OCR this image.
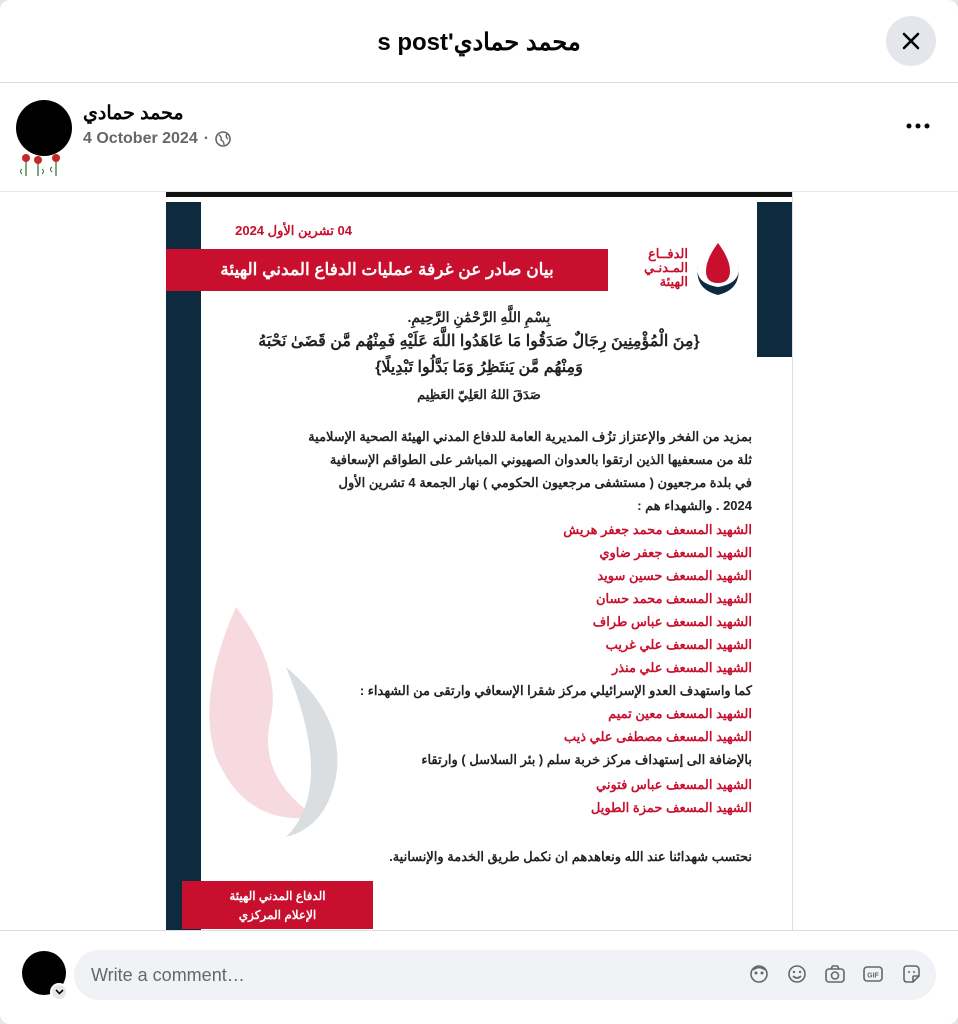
s post'محمد حمادي
محمد حمادي
4 October 2024 ·
04 تشرين الأول 2024
بيان صادر عن غرفة عمليات الدفاع المدني الهيئة
الدفــاع
المـدنـي
الهيئة
بِسْمِ اللَّهِ الرَّحْمَٰنِ الرَّحِيمِ.
{مِنَ الْمُؤْمِنِينَ رِجَالٌ صَدَقُوا مَا عَاهَدُوا اللَّهَ عَلَيْهِ فَمِنْهُم مَّن قَضَىٰ نَحْبَهُ
وَمِنْهُم مَّن يَنتَظِرُ وَمَا بَدَّلُوا تَبْدِيلًا}
صَدَقَ اللهُ العَلِيّ العَظِيم
بمزيد من الفخر والإعتزاز تزُف المديرية العامة للدفاع المدني الهيئة الصحية الإسلامية
ثلة من مسعفيها الذين ارتقوا بالعدوان الصهيوني المباشر على الطواقم الإسعافية
في بلدة مرجعيون ( مستشفى مرجعيون الحكومي ) نهار الجمعة 4 تشرين الأول
2024 . والشهداء هم :
الشهيد المسعف محمد جعفر هريش
الشهيد المسعف جعفر ضاوي
الشهيد المسعف حسين سويد
الشهيد المسعف محمد حسان
الشهيد المسعف عباس طراف
الشهيد المسعف علي غريب
الشهيد المسعف علي منذر
كما واستهدف العدو الإسرائيلي مركز شقرا الإسعافي وارتقى من الشهداء :
الشهيد المسعف معين تميم
الشهيد المسعف مصطفى علي ذيب
بالإضافة الى إستهداف مركز خربة سلم ( بئر السلاسل ) وارتقاء
الشهيد المسعف عباس فتوني
الشهيد المسعف حمزة الطويل
نحتسب شهدائنا عند الله ونعاهدهم ان نكمل طريق الخدمة والإنسانية.
الدفاع المدني الهيئة
الإعلام المركزي
Write a comment…	GIF
